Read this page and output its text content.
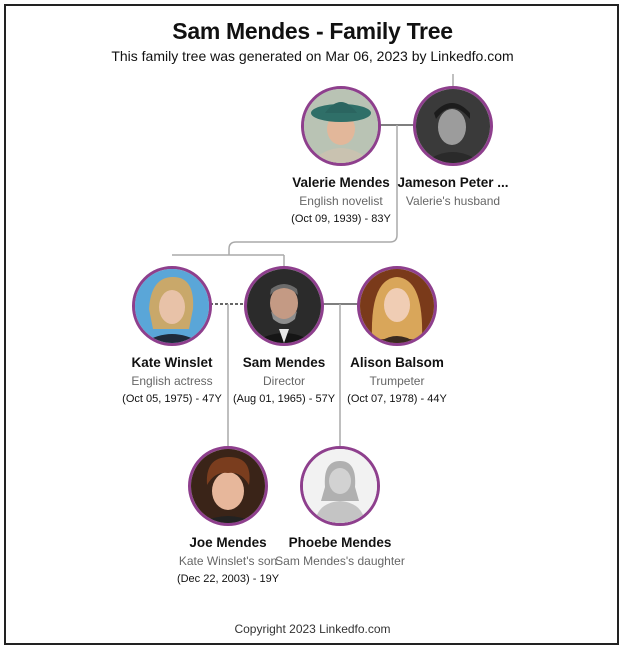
Sam Mendes - Family Tree
This family tree was generated on Mar 06, 2023 by Linkedfo.com
Valerie Mendes
English novelist
(Oct 09, 1939) - 83Y
Jameson Peter ...
Valerie's husband
Kate Winslet
English actress
(Oct 05, 1975) - 47Y
Sam Mendes
Director
(Aug 01, 1965) - 57Y
Alison Balsom
Trumpeter
(Oct 07, 1978) - 44Y
Joe Mendes
Kate Winslet's son
(Dec 22, 2003) - 19Y
Phoebe Mendes
Sam Mendes's daughter
Copyright 2023 Linkedfo.com
